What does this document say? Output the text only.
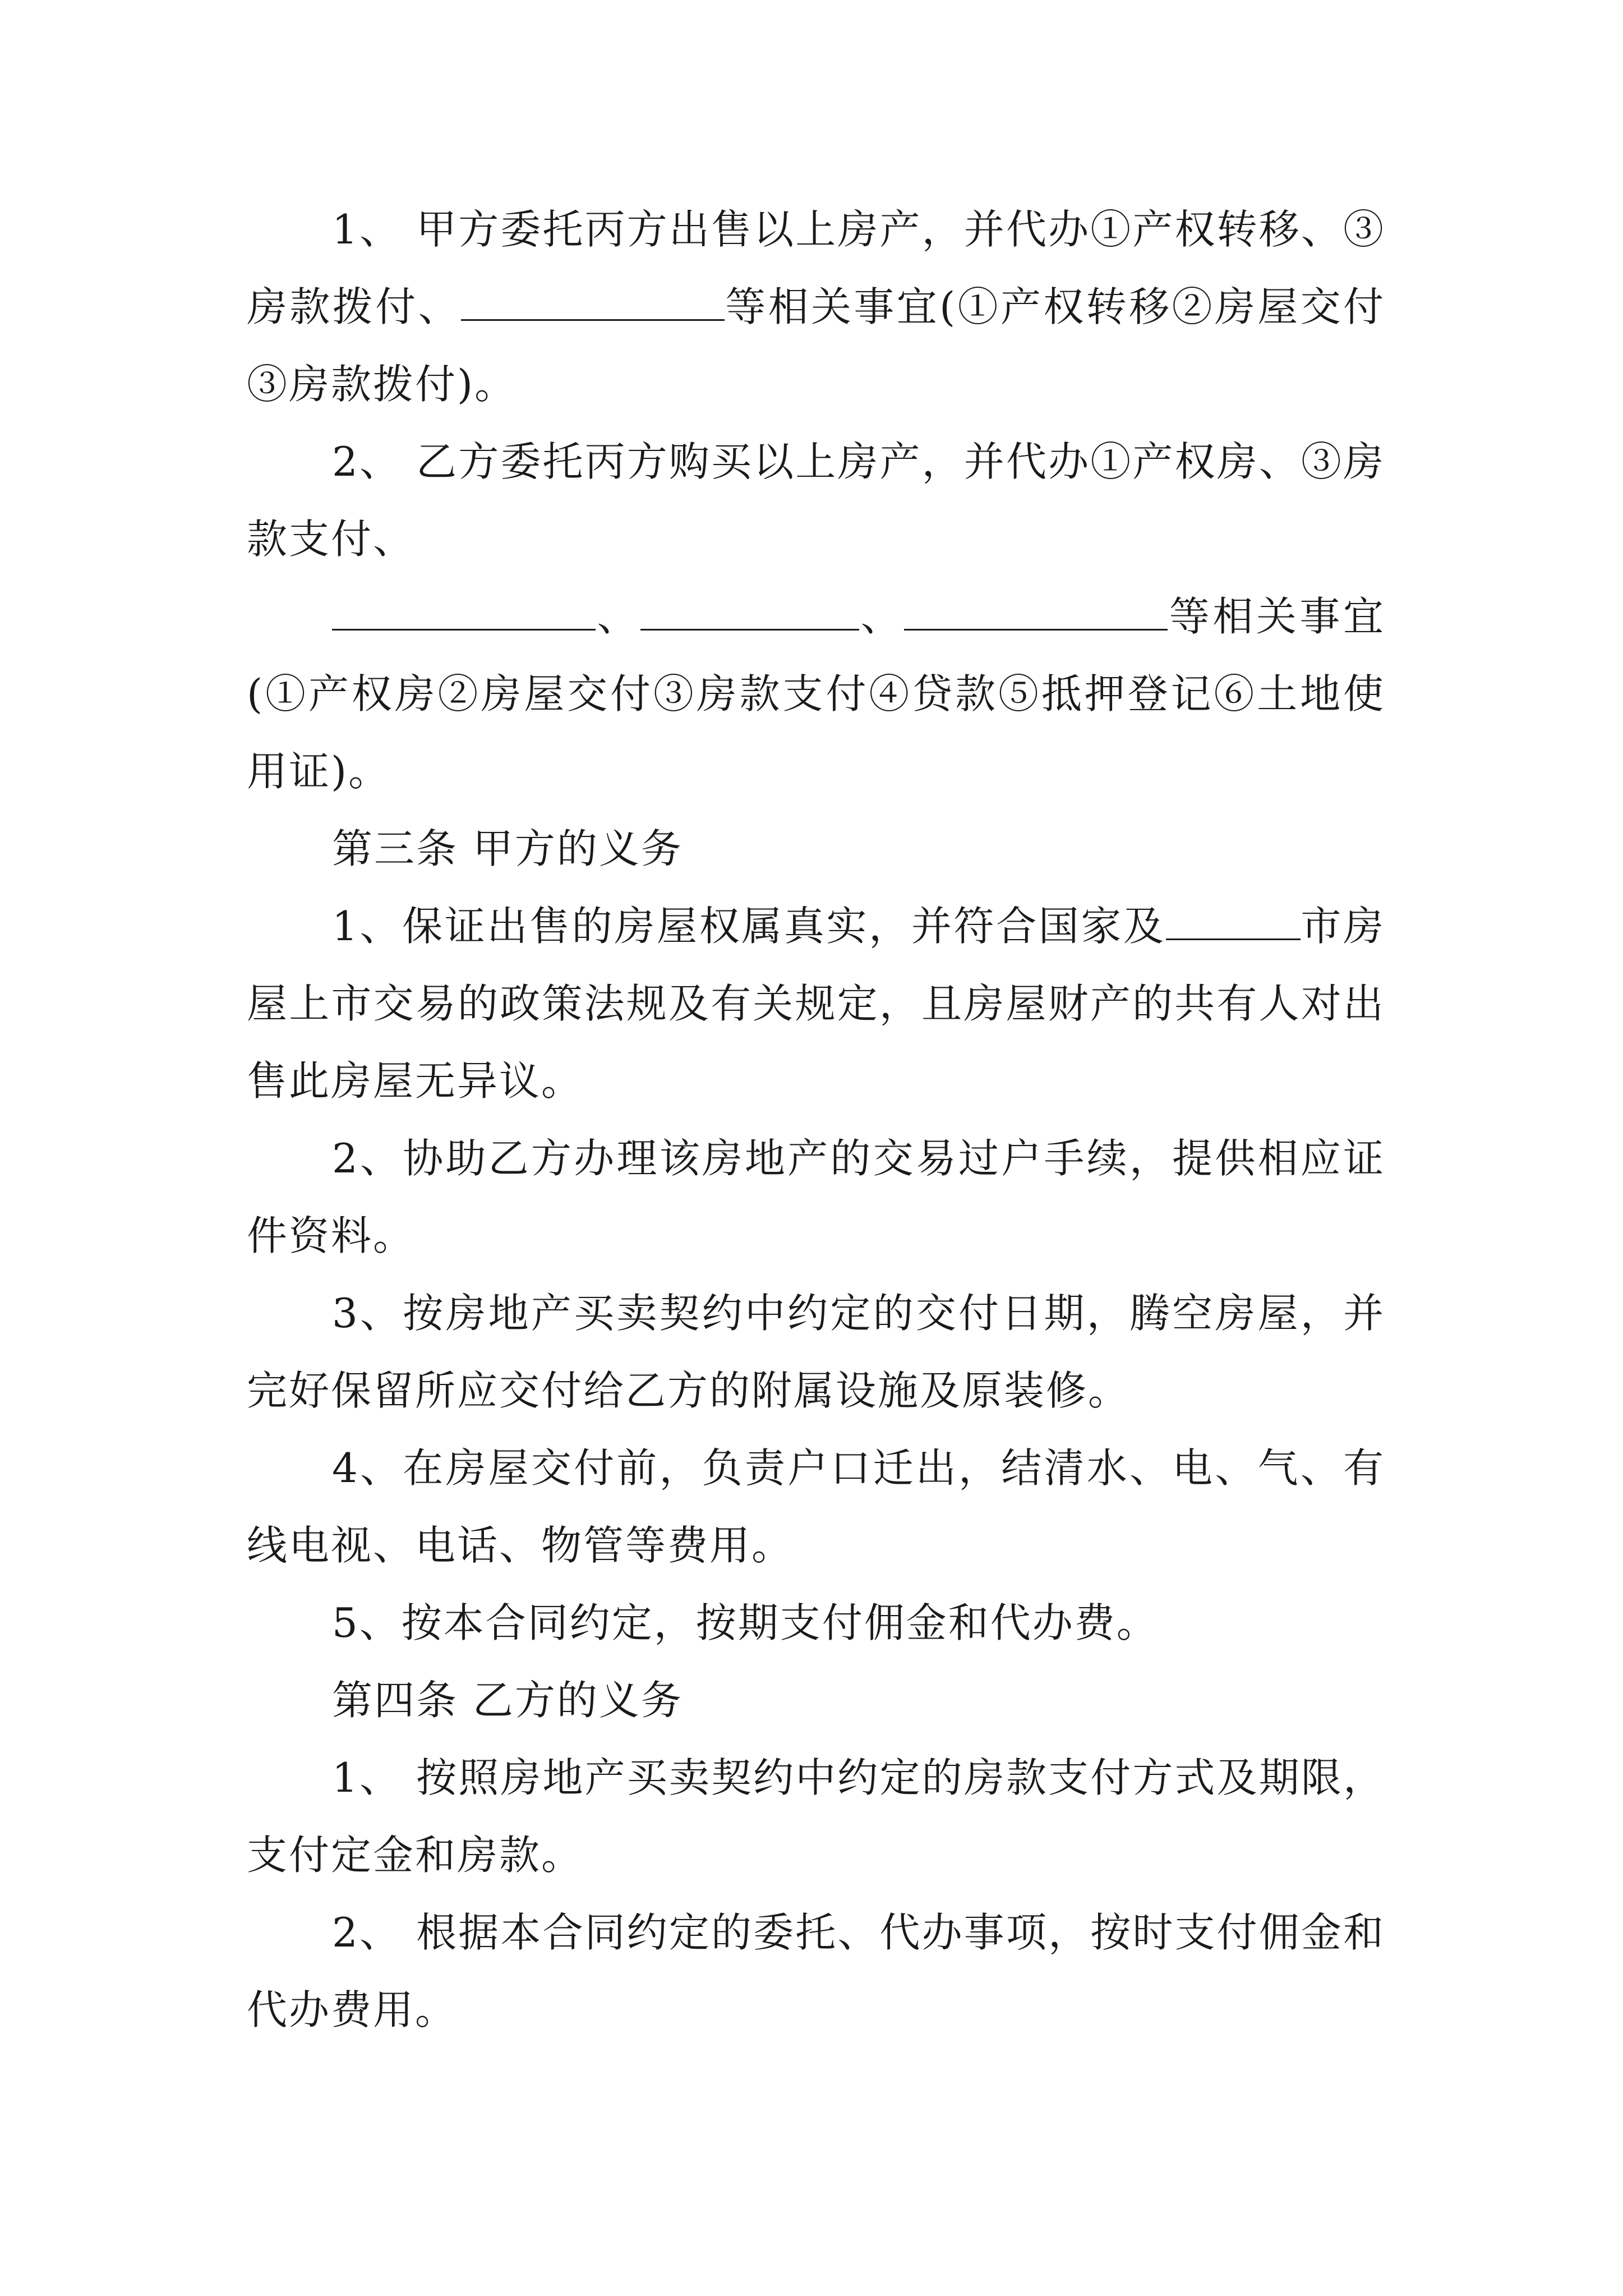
1、 甲方委托丙方出售以上房产，并代办①产权转移、③房款拨付、	等相关事宜(①产权转移②房屋交付③房款拨付)。

2、 乙方委托丙方购买以上房产，并代办①产权房、③房款支付、

、	、	等相关事宜(①产权房②房屋交付③房款支付④贷款⑤抵押登记⑥土地使用证)。

第三条 甲方的义务

1、保证出售的房屋权属真实，并符合国家及	市房屋上市交易的政策法规及有关规定，且房屋财产的共有人对出售此房屋无异议。

2、协助乙方办理该房地产的交易过户手续，提供相应证件资料。

3、按房地产买卖契约中约定的交付日期，腾空房屋，并完好保留所应交付给乙方的附属设施及原装修。

4、在房屋交付前，负责户口迁出，结清水、电、气、有线电视、电话、物管等费用。

5、按本合同约定，按期支付佣金和代办费。

第四条 乙方的义务

1、 按照房地产买卖契约中约定的房款支付方式及期限，支付定金和房款。

2、 根据本合同约定的委托、代办事项，按时支付佣金和代办费用。
